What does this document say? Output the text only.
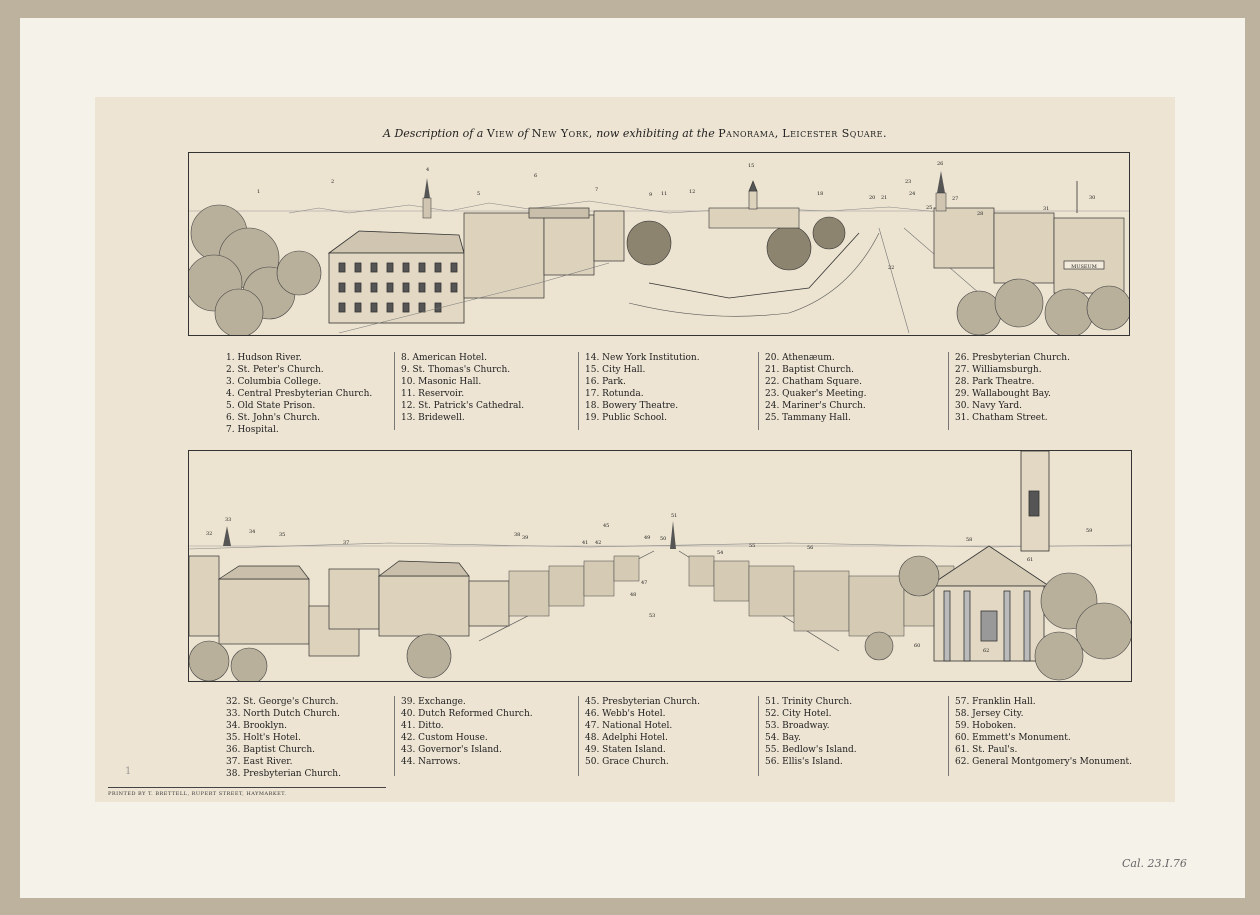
A Description of a View of New York, now exhibiting at the Panorama, Leicester Square.
MUSEUM
1
2
4
5
6
7
9 11	12
15
18
20 21
22
23
24
25
26
27
28
30
31
1. Hudson River.
2. St. Peter's Church.
3. Columbia College.
4. Central Presbyterian Church.
5. Old State Prison.
6. St. John's Church.
7. Hospital.
8. American Hotel.
9. St. Thomas's Church.
10. Masonic Hall.
11. Reservoir.
12. St. Patrick's Cathedral.
13. Bridewell.
14. New York Institution.
15. City Hall.
16. Park.
17. Rotunda.
18. Bowery Theatre.
19. Public School.
20. Athenæum.
21. Baptist Church.
22. Chatham Square.
23. Quaker's Meeting.
24. Mariner's Church.
25. Tammany Hall.
26. Presbyterian Church.
27. Williamsburgh.
28. Park Theatre.
29. Wallabought Bay.
30. Navy Yard.
31. Chatham Street.
32
33
34	35
37
38 39
41 42
45
47
48
49 50
51
53
54
55	56
58
59
60
61
62
32. St. George's Church.
33. North Dutch Church.
34. Brooklyn.
35. Holt's Hotel.
36. Baptist Church.
37. East River.
38. Presbyterian Church.
39. Exchange.
40. Dutch Reformed Church.
41. Ditto.
42. Custom House.
43. Governor's Island.
44. Narrows.
45. Presbyterian Church.
46. Webb's Hotel.
47. National Hotel.
48. Adelphi Hotel.
49. Staten Island.
50. Grace Church.
51. Trinity Church.
52. City Hotel.
53. Broadway.
54. Bay.
55. Bedlow's Island.
56. Ellis's Island.
57. Franklin Hall.
58. Jersey City.
59. Hoboken.
60. Emmett's Monument.
61. St. Paul's.
62. General Montgomery's Monument.
PRINTED BY T. BRETTELL, RUPERT STREET, HAYMARKET.
1
Cal. 23.I.76
